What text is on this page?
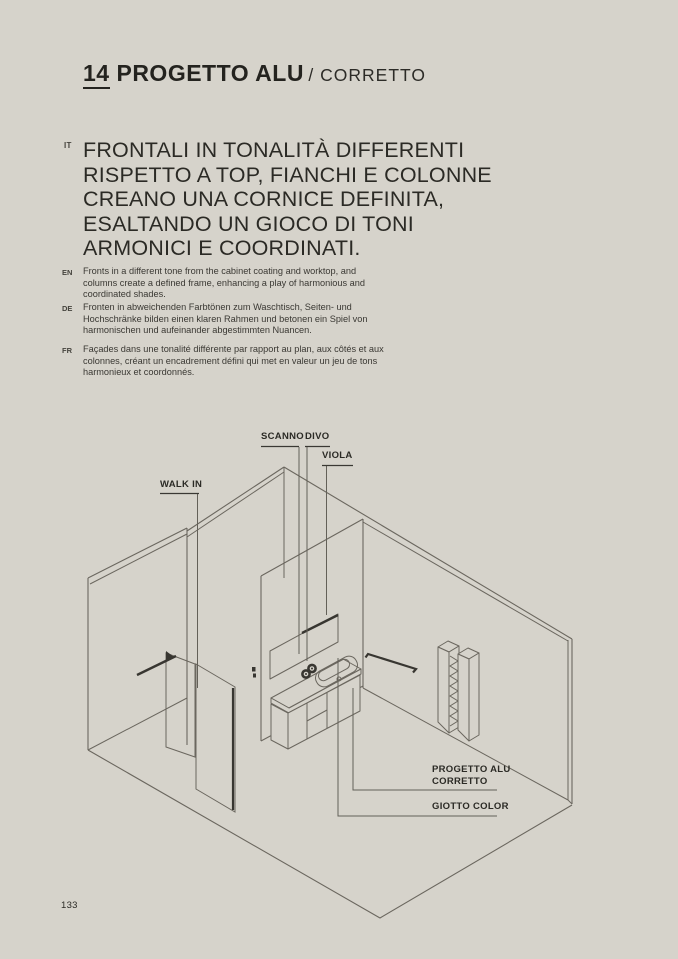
14 PROGETTO ALU / CORRETTO
IT FRONTALI IN TONALITÀ DIFFERENTI
RISPETTO A TOP, FIANCHI E COLONNE
CREANO UNA CORNICE DEFINITA,
ESALTANDO UN GIOCO DI TONI
ARMONICI E COORDINATI.
EN Fronts in a different tone from the cabinet coating and worktop, and
columns create a defined frame, enhancing a play of harmonious and
coordinated shades.
DE Fronten in abweichenden Farbtönen zum Waschtisch, Seiten- und
Hochschränke bilden einen klaren Rahmen und betonen ein Spiel von
harmonischen und aufeinander abgestimmten Nuancen.
FR Façades dans une tonalité différente par rapport au plan, aux côtés et aux
colonnes, créant un encadrement défini qui met en valeur un jeu de tons
harmonieux et coordonnés.
WALK IN
SCANNO DIVO
VIOLA
PROGETTO ALU
CORRETTO
GIOTTO COLOR
133
